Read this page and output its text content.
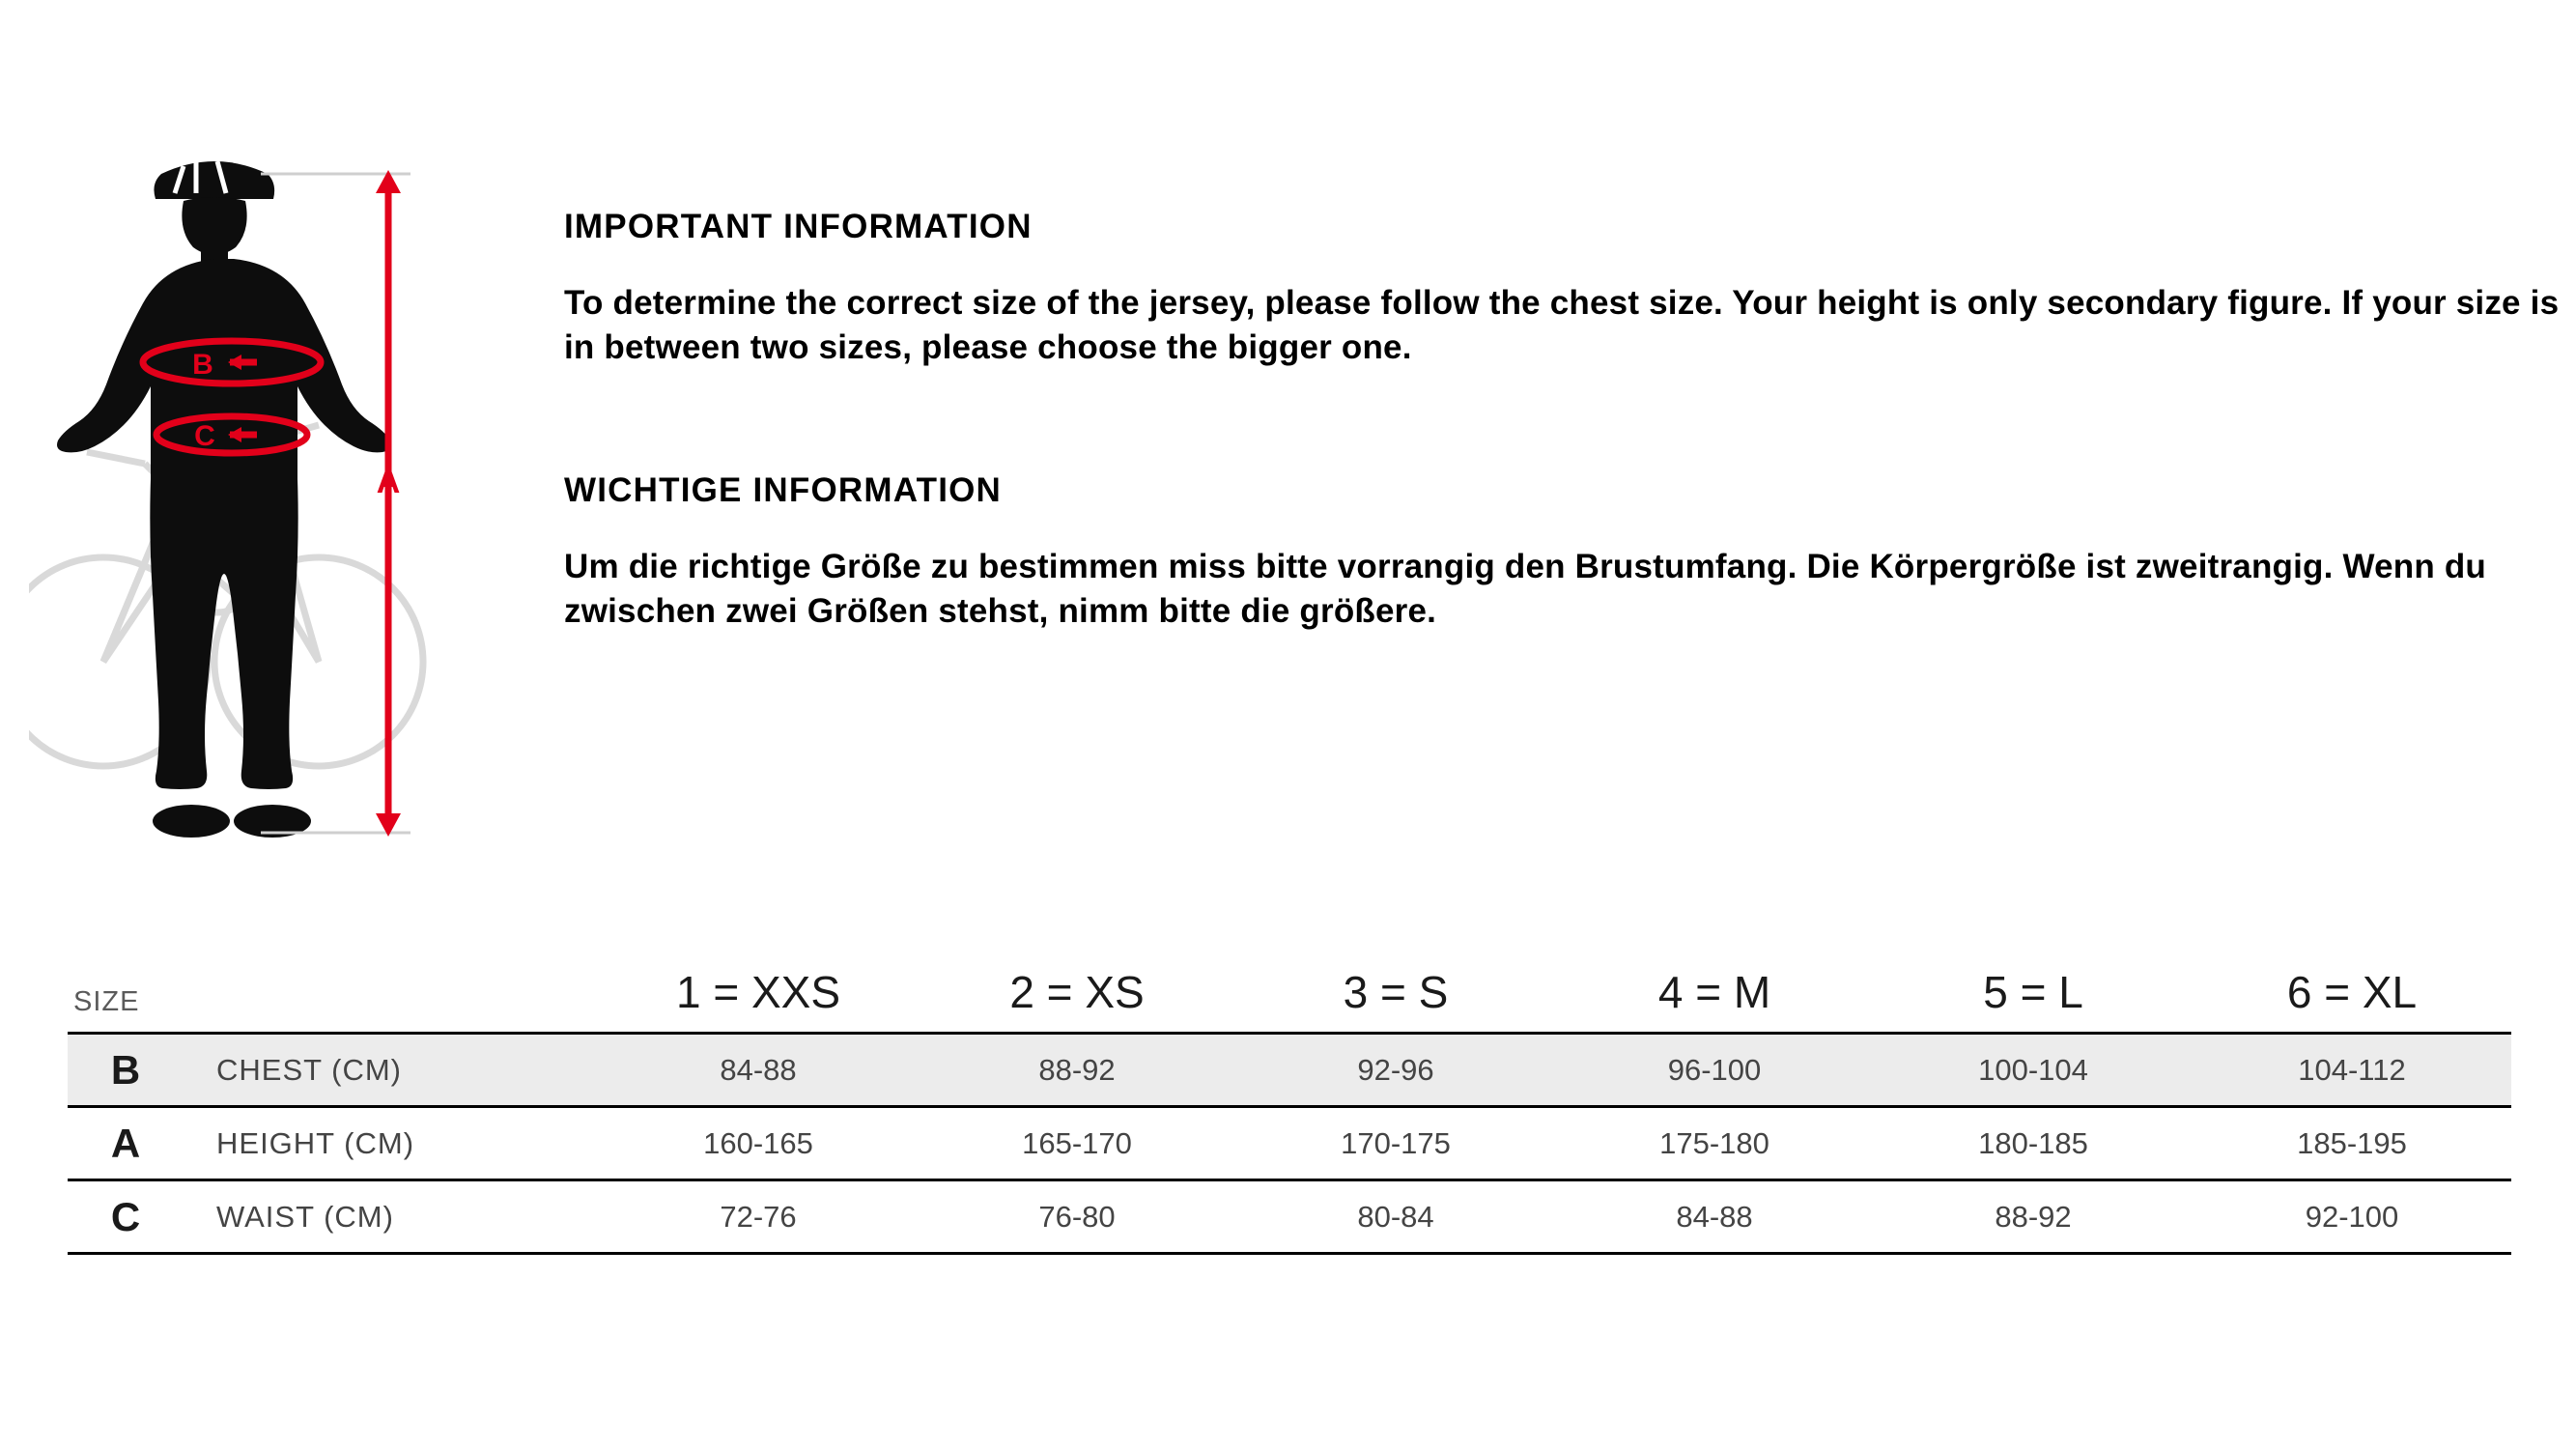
B
C
A
IMPORTANT INFORMATION

To determine the correct size of the jersey, please follow the chest size. Your height is only secondary figure. If your size is in between two sizes, please choose the bigger one.

WICHTIGE INFORMATION

Um die richtige Größe zu bestimmen miss bitte vorrangig den Brustumfang. Die Körpergröße ist zweitrangig. Wenn du zwischen zwei Größen stehst, nimm bitte die größere.

SIZE		1 = XXS	2 = XS	3 = S	4 = M	5 = L	6 = XL
B	CHEST (CM)	84-88	88-92	92-96	96-100	100-104	104-112
A	HEIGHT (CM)	160-165	165-170	170-175	175-180	180-185	185-195
C	WAIST (CM)	72-76	76-80	80-84	84-88	88-92	92-100
